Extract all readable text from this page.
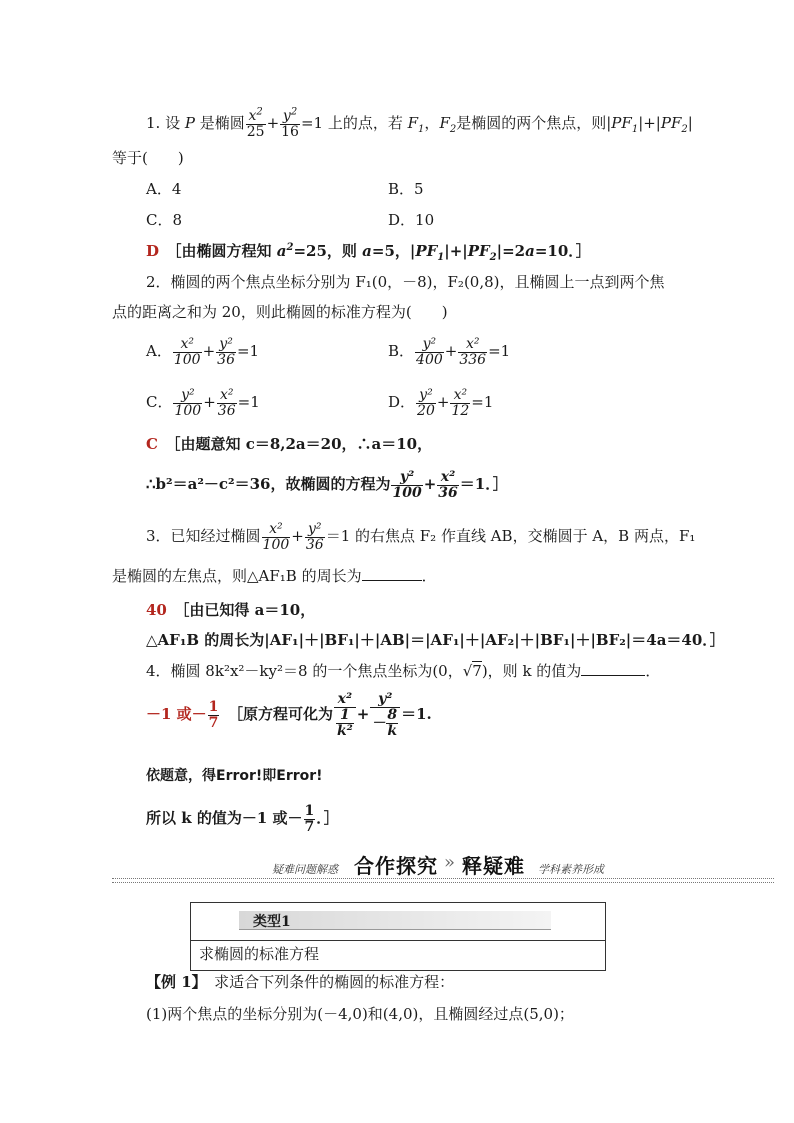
1. 设 P 是椭圆 $\frac{x^2}{25} + \frac{y^2}{16} =1$ 上的点，若 $F_1$，$F_2$是椭圆的两个焦点，则$|PF_1|+|PF_2|$
等于(　　)
A．4	B．5
C．8	D．10
D　 ［由椭圆方程知 $a^2=25$，则 a=5，$|PF_1|+|PF_2|=2a=10$．］
2．椭圆的两个焦点坐标分别为 F₁(0，－8)，F₂(0,8)，且椭圆上一点到两个焦
点的距离之和为 20，则此椭圆的标准方程为(　　)
A． $\frac{\text{x²}}{100} + \frac{\text{y²}}{36} =1$	B． $\frac{\text{y²}}{400} + \frac{\text{x²}}{336} =1$
C． $\frac{\text{y²}}{100} + \frac{\text{x²}}{36} =1$	D． $\frac{\text{y²}}{20} + \frac{\text{x²}}{12} =1$
C　 ［由题意知 c＝8,2a＝20，∴a＝10，
∴b²＝a²－c²＝36，故椭圆的方程为 $\frac{\text{y²}}{100} + \frac{\text{x²}}{36} =1$．］
3．已知经过椭圆 $\frac{\text{x²}}{100} + \frac{\text{y²}}{36} =1$ 的右焦点 F₂ 作直线 AB，交椭圆于 A，B 两点，F₁
是椭圆的左焦点，则△AF₁B 的周长为	．
40　 ［由已知得 a＝10，
△AF₁B 的周长为|AF₁|＋|BF₁|＋|AB|＝|AF₁|＋|AF₂|＋|BF₁|＋|BF₂|＝4a＝40．］
4．椭圆 8k²x²－ky²＝8 的一个焦点坐标为(0，√7)，则 k 的值为	．
－1 或－ $\frac{1}{7}$
　 ［原方程可化为 $\frac{\text{x²}}{\frac{1}{\text{k²}}} + \frac{\text{y²}}{- \frac{8}{k}} =1$.
依题意，得Error!即Error!
所以 k 的值为－1 或－ $\frac{1}{7}$ ．］
疑难问题解惑 合作探究 » 释疑难 学科素养形成
类型1
求椭圆的标准方程
【例 1】　求适合下列条件的椭圆的标准方程：
(1)两个焦点的坐标分别为(－4,0)和(4,0)，且椭圆经过点(5,0)；
